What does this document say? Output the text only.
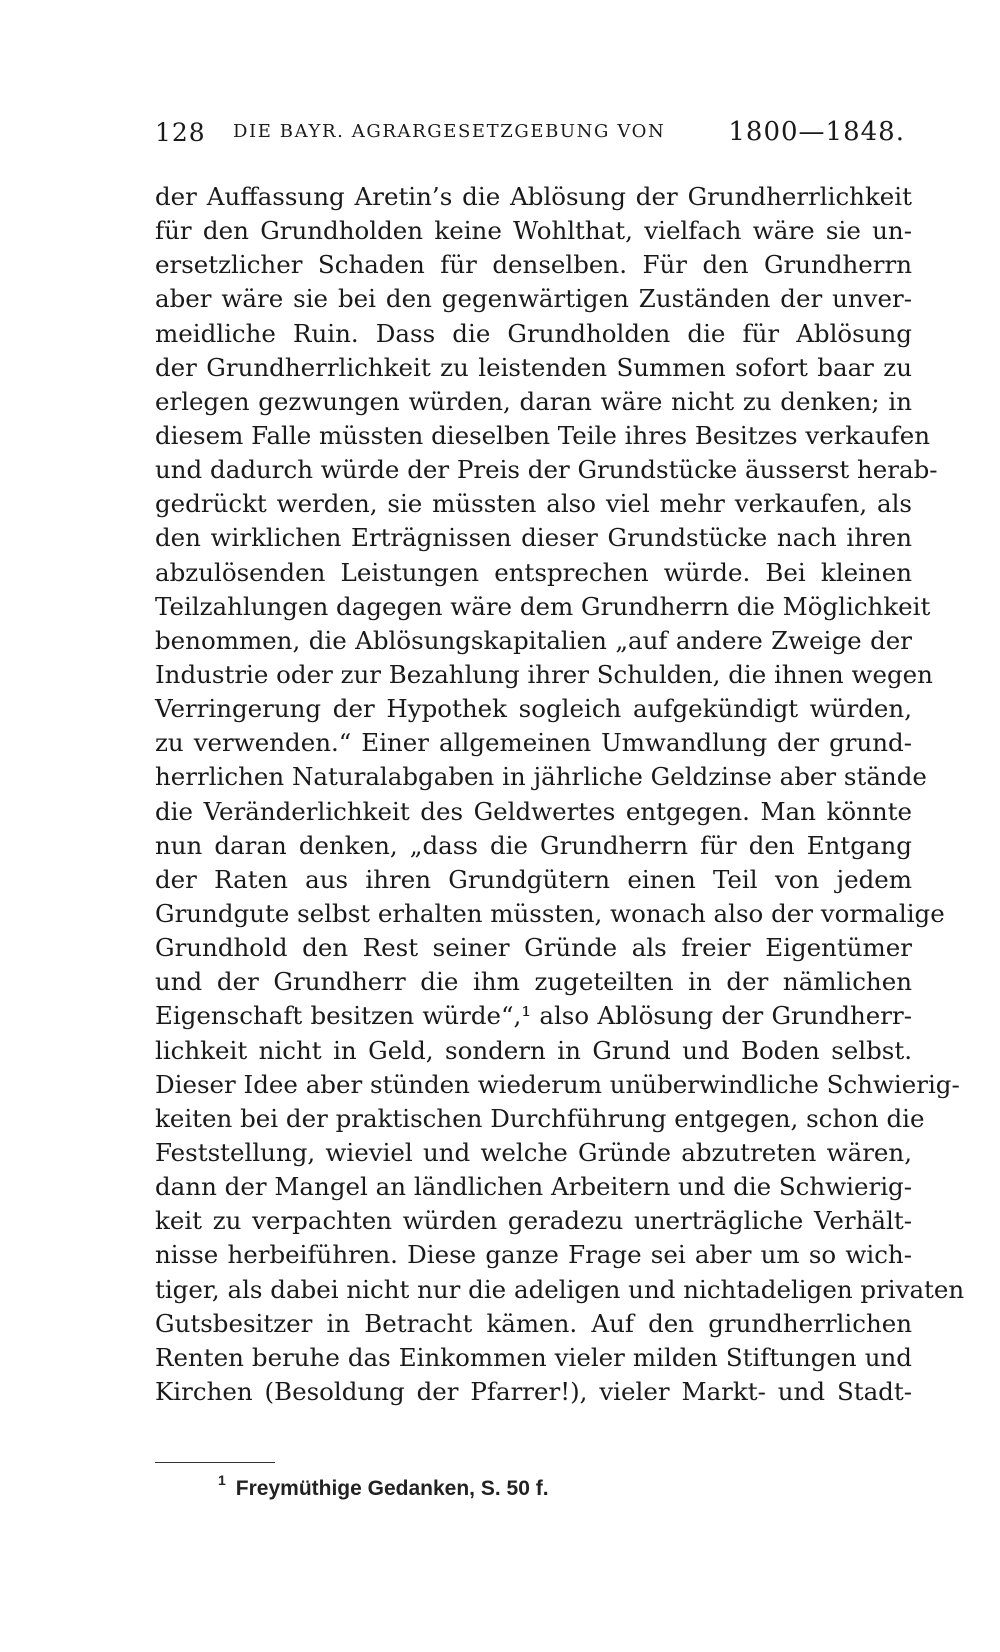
128 DIE BAYR. AGRARGESETZGEBUNG VON 1800—1848.
der Auffassung Aretin’s die Ablösung der Grundherrlichkeit
für den Grundholden keine Wohlthat, vielfach wäre sie un-
ersetzlicher Schaden für denselben. Für den Grundherrn
aber wäre sie bei den gegenwärtigen Zuständen der unver-
meidliche Ruin. Dass die Grundholden die für Ablösung
der Grundherrlichkeit zu leistenden Summen sofort baar zu
erlegen gezwungen würden, daran wäre nicht zu denken; in
diesem Falle müssten dieselben Teile ihres Besitzes verkaufen
und dadurch würde der Preis der Grundstücke äusserst herab-
gedrückt werden, sie müssten also viel mehr verkaufen, als
den wirklichen Erträgnissen dieser Grundstücke nach ihren
abzulösenden Leistungen entsprechen würde. Bei kleinen
Teilzahlungen dagegen wäre dem Grundherrn die Möglichkeit
benommen, die Ablösungskapitalien „auf andere Zweige der
Industrie oder zur Bezahlung ihrer Schulden, die ihnen wegen
Verringerung der Hypothek sogleich aufgekündigt würden,
zu verwenden.“ Einer allgemeinen Umwandlung der grund-
herrlichen Naturalabgaben in jährliche Geldzinse aber stände
die Veränderlichkeit des Geldwertes entgegen. Man könnte
nun daran denken, „dass die Grundherrn für den Entgang
der Raten aus ihren Grundgütern einen Teil von jedem
Grundgute selbst erhalten müssten, wonach also der vormalige
Grundhold den Rest seiner Gründe als freier Eigentümer
und der Grundherr die ihm zugeteilten in der nämlichen
Eigenschaft besitzen würde“,¹ also Ablösung der Grundherr-
lichkeit nicht in Geld, sondern in Grund und Boden selbst.
Dieser Idee aber stünden wiederum unüberwindliche Schwierig-
keiten bei der praktischen Durchführung entgegen, schon die
Feststellung, wieviel und welche Gründe abzutreten wären,
dann der Mangel an ländlichen Arbeitern und die Schwierig-
keit zu verpachten würden geradezu unerträgliche Verhält-
nisse herbeiführen. Diese ganze Frage sei aber um so wich-
tiger, als dabei nicht nur die adeligen und nichtadeligen privaten
Gutsbesitzer in Betracht kämen. Auf den grundherrlichen
Renten beruhe das Einkommen vieler milden Stiftungen und
Kirchen (Besoldung der Pfarrer!), vieler Markt- und Stadt-
$^1$ Freymüthige Gedanken, S. 50 f.
